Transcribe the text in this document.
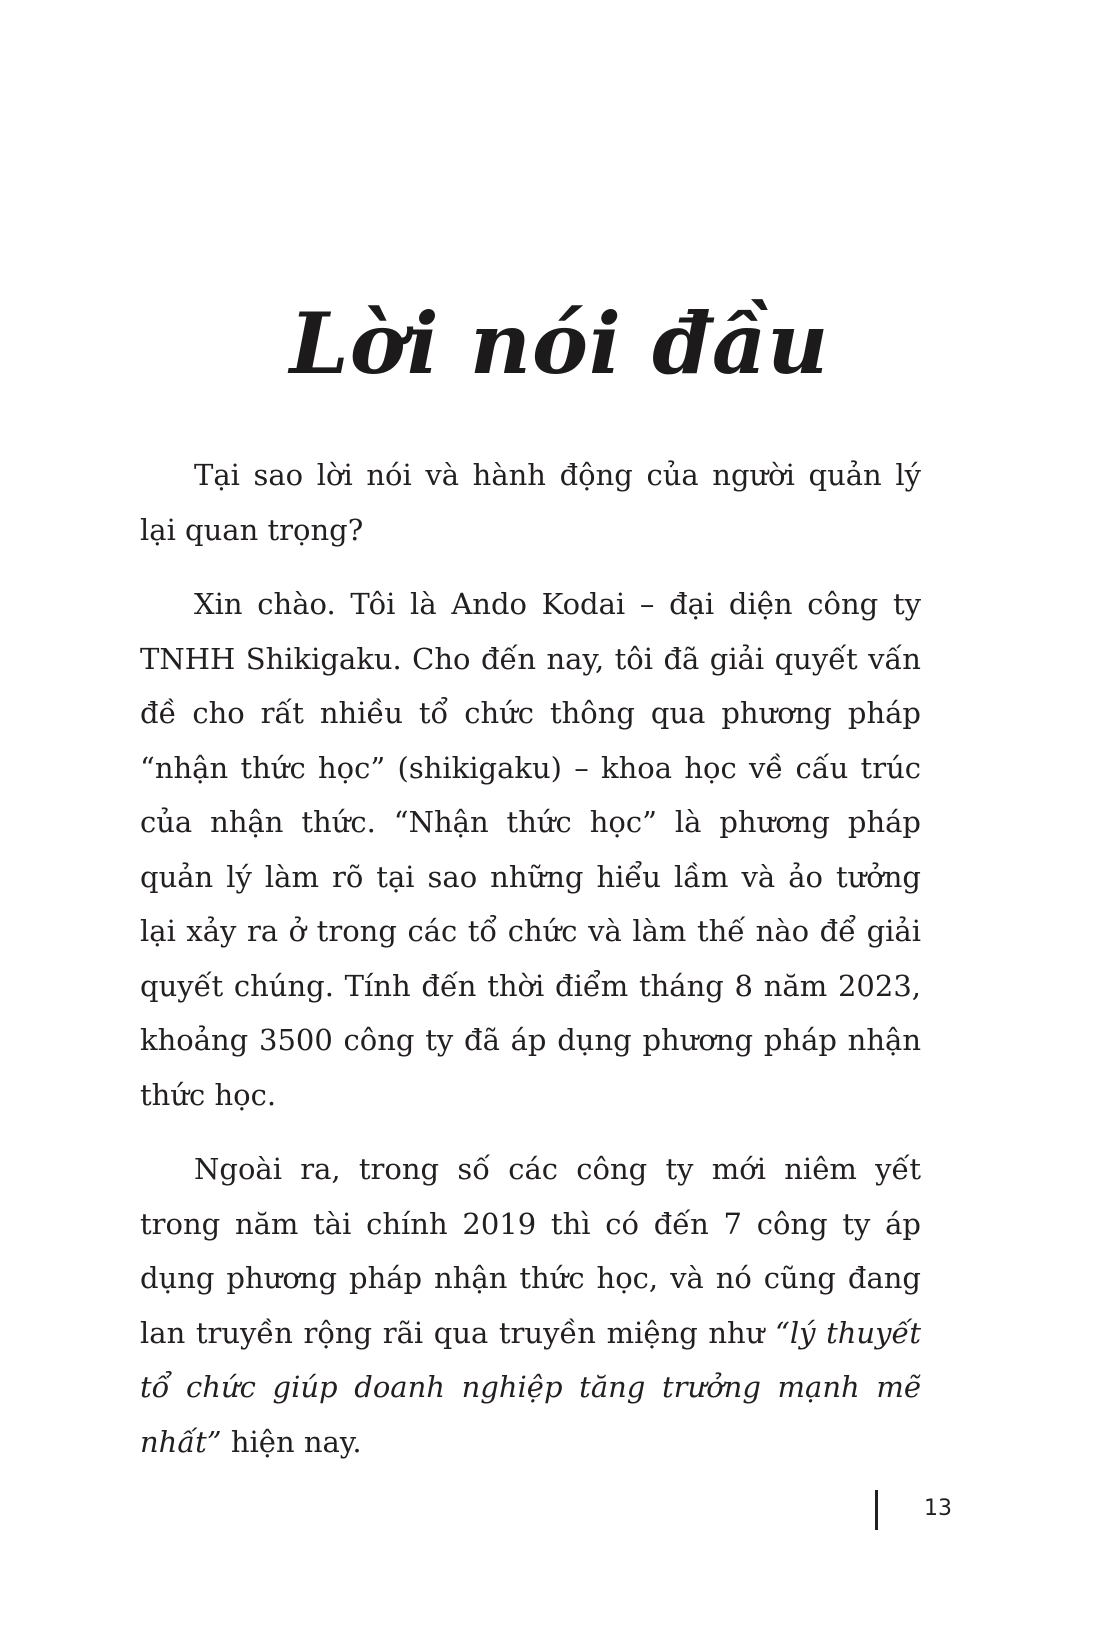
Lời nói đầu

Tại sao lời nói và hành động của người quản lý lại quan trọng?

Xin chào. Tôi là Ando Kodai – đại diện công ty TNHH Shikigaku. Cho đến nay, tôi đã giải quyết vấn đề cho rất nhiều tổ chức thông qua phương pháp “nhận thức học” (shikigaku) – khoa học về cấu trúc của nhận thức. “Nhận thức học” là phương pháp quản lý làm rõ tại sao những hiểu lầm và ảo tưởng lại xảy ra ở trong các tổ chức và làm thế nào để giải quyết chúng. Tính đến thời điểm tháng 8 năm 2023, khoảng 3500 công ty đã áp dụng phương pháp nhận thức học.

Ngoài ra, trong số các công ty mới niêm yết trong năm tài chính 2019 thì có đến 7 công ty áp dụng phương pháp nhận thức học, và nó cũng đang lan truyền rộng rãi qua truyền miệng như “lý thuyết tổ chức giúp doanh nghiệp tăng trưởng mạnh mẽ nhất” hiện nay.

13
